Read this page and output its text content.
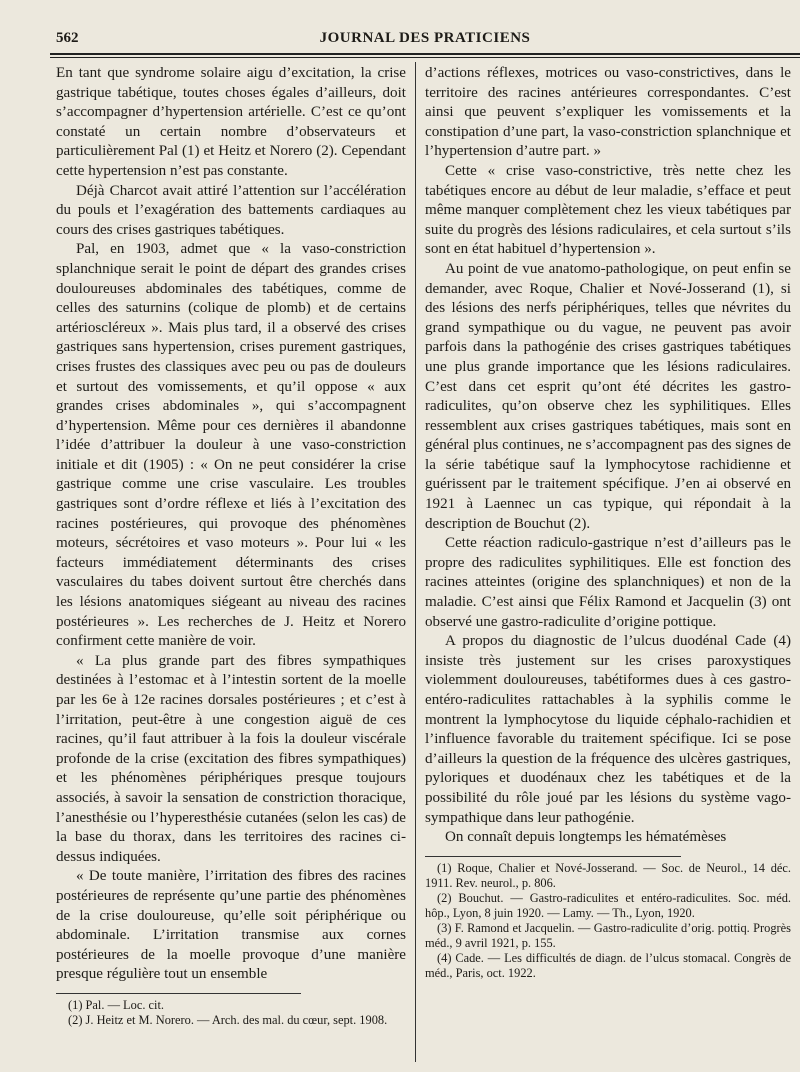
562	JOURNAL DES PRATICIENS

En tant que syndrome solaire aigu d’excitation, la crise gastrique tabétique, toutes choses égales d’ailleurs, doit s’accompagner d’hypertension artérielle. C’est ce qu’ont constaté un certain nombre d’observateurs et particulièrement Pal (1) et Heitz et Norero (2). Cependant cette hypertension n’est pas constante.

Déjà Charcot avait attiré l’attention sur l’accélération du pouls et l’exagération des battements cardiaques au cours des crises gastriques tabétiques.

Pal, en 1903, admet que « la vaso-constriction splanchnique serait le point de départ des grandes crises douloureuses abdominales des tabétiques, comme de celles des saturnins (colique de plomb) et de certains artérioscléreux ». Mais plus tard, il a observé des crises gastriques sans hypertension, crises purement gastriques, crises frustes des classiques avec peu ou pas de douleurs et surtout des vomissements, et qu’il oppose « aux grandes crises abdominales », qui s’accompagnent d’hypertension. Même pour ces dernières il abandonne l’idée d’attribuer la douleur à une vaso-constriction initiale et dit (1905) : « On ne peut considérer la crise gastrique comme une crise vasculaire. Les troubles gastriques sont d’ordre réflexe et liés à l’excitation des racines postérieures, qui provoque des phénomènes moteurs, sécrétoires et vaso moteurs ». Pour lui « les facteurs immédiatement déterminants des crises vasculaires du tabes doivent surtout être cherchés dans les lésions anatomiques siégeant au niveau des racines postérieures ». Les recherches de J. Heitz et Norero confirment cette manière de voir.

« La plus grande part des fibres sympathiques destinées à l’estomac et à l’intestin sortent de la moelle par les 6e à 12e racines dorsales postérieures ; et c’est à l’irritation, peut-être à une congestion aiguë de ces racines, qu’il faut attribuer à la fois la douleur viscérale profonde de la crise (excitation des fibres sympathiques) et les phénomènes périphériques presque toujours associés, à savoir la sensation de constriction thoracique, l’anesthésie ou l’hyperesthésie cutanées (selon les cas) de la base du thorax, dans les territoires des racines ci-dessus indiquées.

« De toute manière, l’irritation des fibres des racines postérieures de représente qu’une partie des phénomènes de la crise douloureuse, qu’elle soit périphérique ou abdominale. L’irritation transmise aux cornes postérieures de la moelle provoque d’une manière presque régulière tout un ensemble

(1) Pal. — Loc. cit.

(2) J. Heitz et M. Norero. — Arch. des mal. du cœur, sept. 1908.

d’actions réflexes, motrices ou vaso-constrictives, dans le territoire des racines antérieures correspondantes. C’est ainsi que peuvent s’expliquer les vomissements et la constipation d’une part, la vaso-constriction splanchnique et l’hypertension d’autre part. »

Cette « crise vaso-constrictive, très nette chez les tabétiques encore au début de leur maladie, s’efface et peut même manquer complètement chez les vieux tabétiques par suite du progrès des lésions radiculaires, et cela surtout s’ils sont en état habituel d’hypertension ».

Au point de vue anatomo-pathologique, on peut enfin se demander, avec Roque, Chalier et Nové-Josserand (1), si des lésions des nerfs périphériques, telles que névrites du grand sympathique ou du vague, ne peuvent pas avoir parfois dans la pathogénie des crises gastriques tabétiques une plus grande importance que les lésions radiculaires. C’est dans cet esprit qu’ont été décrites les gastro-radiculites, qu’on observe chez les syphilitiques. Elles ressemblent aux crises gastriques tabétiques, mais sont en général plus continues, ne s’accompagnent pas des signes de la série tabétique sauf la lymphocytose rachidienne et guérissent par le traitement spécifique. J’en ai observé en 1921 à Laennec un cas typique, qui répondait à la description de Bouchut (2).

Cette réaction radiculo-gastrique n’est d’ailleurs pas le propre des radiculites syphilitiques. Elle est fonction des racines atteintes (origine des splanchniques) et non de la maladie. C’est ainsi que Félix Ramond et Jacquelin (3) ont observé une gastro-radiculite d’origine pottique.

A propos du diagnostic de l’ulcus duodénal Cade (4) insiste très justement sur les crises paroxystiques violemment douloureuses, tabétiformes dues à ces gastro-entéro-radiculites rattachables à la syphilis comme le montrent la lymphocytose du liquide céphalo-rachidien et l’influence favorable du traitement spécifique. Ici se pose d’ailleurs la question de la fréquence des ulcères gastriques, pyloriques et duodénaux chez les tabétiques et de la possibilité du rôle joué par les lésions du système vago-sympathique dans leur pathogénie.

On connaît depuis longtemps les hématémèses

(1) Roque, Chalier et Nové-Josserand. — Soc. de Neurol., 14 déc. 1911. Rev. neurol., p. 806.

(2) Bouchut. — Gastro-radiculites et entéro-radiculites. Soc. méd. hôp., Lyon, 8 juin 1920. — Lamy. — Th., Lyon, 1920.

(3) F. Ramond et Jacquelin. — Gastro-radiculite d’orig. pottiq. Progrès méd., 9 avril 1921, p. 155.

(4) Cade. — Les difficultés de diagn. de l’ulcus stomacal. Congrès de méd., Paris, oct. 1922.
